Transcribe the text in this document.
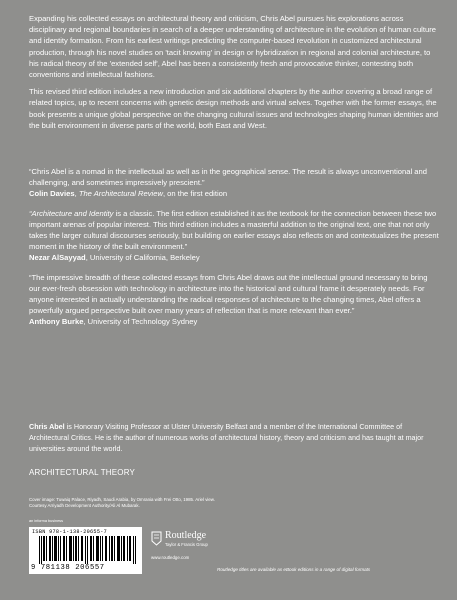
Expanding his collected essays on architectural theory and criticism, Chris Abel pursues his explorations across disciplinary and regional boundaries in search of a deeper understanding of architecture in the evolution of human culture and identity formation. From his earliest writings predicting the computer-based revolution in customized architectural production, through his novel studies on 'tacit knowing' in design or hybridization in regional and colonial architecture, to his radical theory of the 'extended self', Abel has been a consistently fresh and provocative thinker, contesting both conventions and intellectual fashions.

This revised third edition includes a new introduction and six additional chapters by the author covering a broad range of related topics, up to recent concerns with genetic design methods and virtual selves. Together with the former essays, the book presents a unique global perspective on the changing cultural issues and technologies shaping human identities and the built environment in diverse parts of the world, both East and West.

“Chris Abel is a nomad in the intellectual as well as in the geographical sense. The result is always unconventional and challenging, and sometimes impressively prescient.”

Colin Davies, The Architectural Review, on the first edition

“Architecture and Identity is a classic. The first edition established it as the textbook for the connection between these two important arenas of popular interest. This third edition includes a masterful addition to the original text, one that not only takes the larger cultural discourses seriously, but building on earlier essays also reflects on and contextualizes the present moment in the history of the built environment.”

Nezar AlSayyad, University of California, Berkeley

“The impressive breadth of these collected essays from Chris Abel draws out the intellectual ground necessary to bring our ever-fresh obsession with technology in architecture into the historical and cultural frame it desperately needs. For anyone interested in actually understanding the radical responses of architecture to the changing times, Abel offers a powerfully argued perspective built over many years of reflection that is more relevant than ever.”

Anthony Burke, University of Technology Sydney

Chris Abel is Honorary Visiting Professor at Ulster University Belfast and a member of the International Committee of Architectural Critics. He is the author of numerous works of architectural history, theory and criticism and has taught at major universities around the world.
ARCHITECTURAL THEORY
Cover image: Tuwaiq Palace, Riyadh, Saudi Arabia, by Omrania with Frei Otto, 1985. Ariel view.
Courtesy Arriyadh Development Authority/Ali Al Mubarak.
an informa business
ISBN 978-1-138-20655-7
9 781138 206557
Routledge
Taylor & Francis Group
www.routledge.com
Routledge titles are available as eBook editions in a range of digital formats
